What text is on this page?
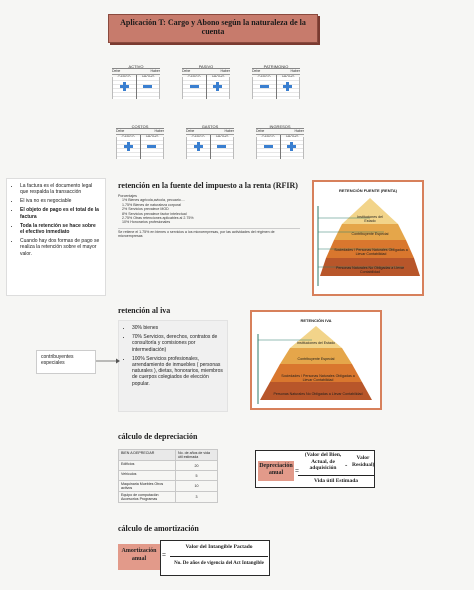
Aplicación T: Cargo y Abono según la naturaleza de la cuenta
ACTIVO
Debe	Haber
PASIVO
Debe	Haber
PATRIMONIO
Debe	Haber
COSTOS
Debe	Haber
GASTOS
Debe	Haber
INGRESOS
Debe	Haber
• La factura es el documento legal que respalda la transacción
• El iva no es negociable
• El objeto de pago es el total de la factura
• Toda la retención se hace sobre el efectivo inmediato
• Cuando hay dos formas de pago se realiza la retención sobre el mayor valor.
retención en la fuente del impuesto a la renta (RFIR)
Porcentajes
1% Bienes agricola,avicola, pecuario....
1.75% Bienes de naturaleza corporal
2% Servicios prevalece MOD
8% Servicios prevalece factor intelectual
2.75% Otras retenciones aplicables al 2.75%
10% Honorarios profesionales
Se retiene el 1.75% en bienes o servicios a los microempresas, por las actividades del régimen de microempresas
RETENCIÓN FUENTE (RENTA)
Instituciones del Estado
Contribuyente Especial
Sociedades / Personas Naturales Obligadas a Llevar Contabilidad
Personas Naturales No Obligadas a Llevar Contabilidad
retención al iva
• 30% bienes
• 70% Servicios, derechos, contratos de consultoría y comisiones por intermediación)
• 100% Servicios profesionales, arrendamiento de inmuebles ( personas naturales ), dietas, honorarios, miembros de cuerpos colegiados de elección popular.
contribuyentes especiales
RETENCIÓN IVA
Instituciones del Estado
Contribuyente Especial
Sociedades / Personas Naturales Obligadas a Llevar Contabilidad
Personas Naturales No Obligadas a Llevar Contabilidad
cálculo de depreciación
BIEN A DEPRECIAR	No. de años de vida útil estimada
Edificios	20
Vehiculos	5
Maquinaria Muebles Otros activos	10
Equipo de computación Accesorios Programas	3
Depreciación anual	=
(Valor del Bien, Actual, de adquisición	-
Valor Residual)
Vida útil Estimada
cálculo de amortización
Amortización anual	=
Valor del Intangible Pactado
No. De años de vigencia del Act Intangible
